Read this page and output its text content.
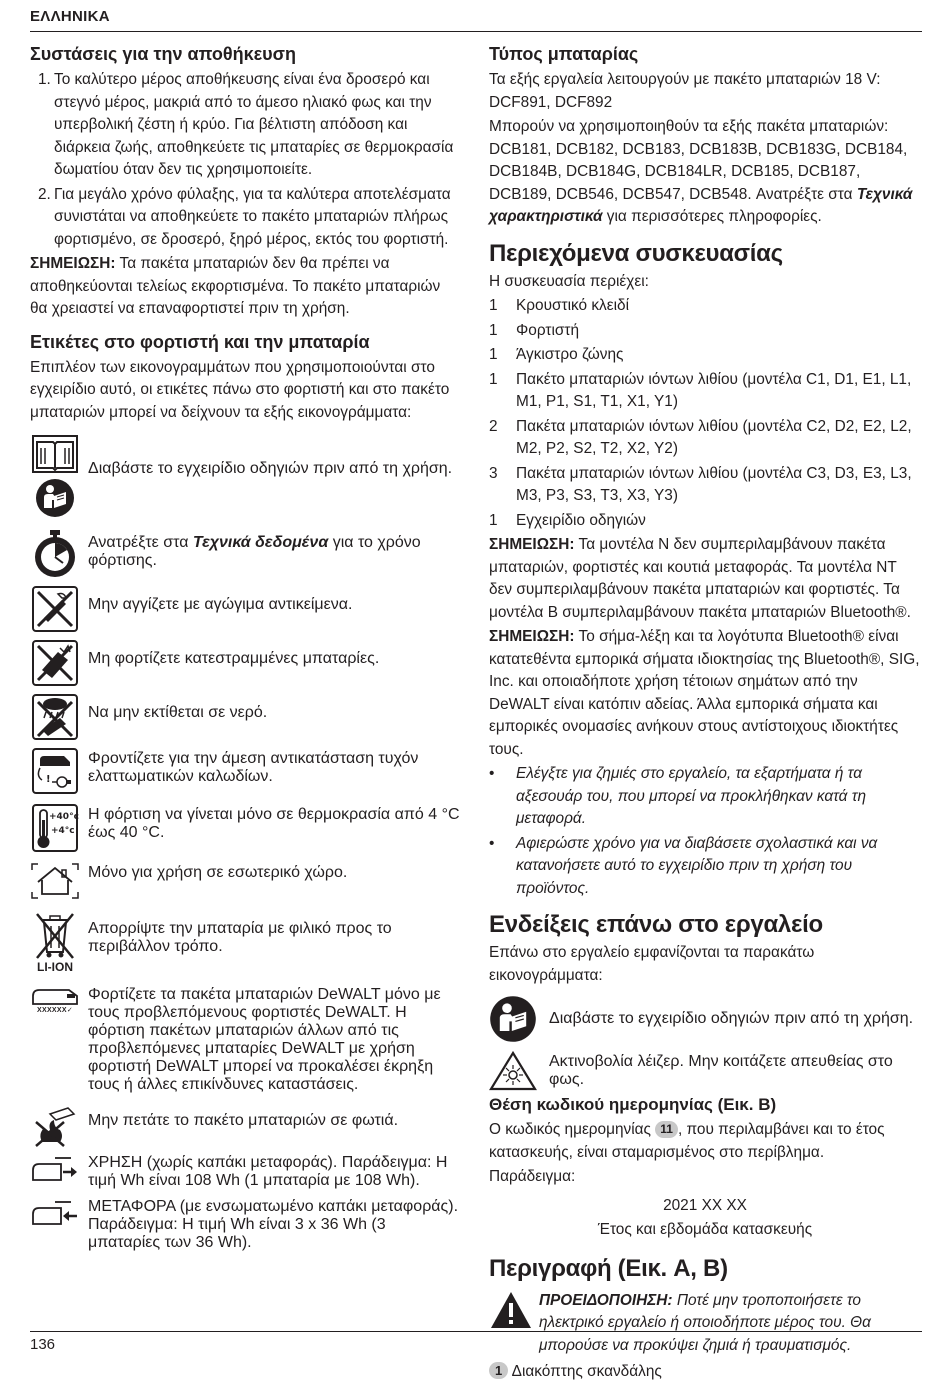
ΕΛΛΗΝΙΚΑ
Συστάσεις για την αποθήκευση
1. Το καλύτερο μέρος αποθήκευσης είναι ένα δροσερό και στεγνό μέρος, μακριά από το άμεσο ηλιακό φως και την υπερβολική ζέστη ή κρύο. Για βέλτιστη απόδοση και διάρκεια ζωής, αποθηκεύετε τις μπαταρίες σε θερμοκρασία δωματίου όταν δεν τις χρησιμοποιείτε.
2. Για μεγάλο χρόνο φύλαξης, για τα καλύτερα αποτελέσματα συνιστάται να αποθηκεύετε το πακέτο μπαταριών πλήρως φορτισμένο, σε δροσερό, ξηρό μέρος, εκτός του φορτιστή.

ΣΗΜΕΙΩΣΗ: Τα πακέτα μπαταριών δεν θα πρέπει να αποθηκεύονται τελείως εκφορτισμένα. Το πακέτο μπαταριών θα χρειαστεί να επαναφορτιστεί πριν τη χρήση.

Ετικέτες στο φορτιστή και την μπαταρία

Επιπλέον των εικονογραμμάτων που χρησιμοποιούνται στο εγχειρίδιο αυτό, οι ετικέτες πάνω στο φορτιστή και στο πακέτο μπαταριών μπορεί να δείχνουν τα εξής εικονογράμματα:

Διαβάστε το εγχειρίδιο οδηγιών πριν από τη χρήση.
Ανατρέξτε στα Τεχνικά δεδομένα για το χρόνο φόρτισης.
Μην αγγίζετε με αγώγιμα αντικείμενα.
Μη φορτίζετε κατεστραμμένες μπαταρίες.
Να μην εκτίθεται σε νερό.
!
Φροντίζετε για την άμεση αντικατάσταση τυχόν ελαττωματικών καλωδίων.
+40°c
+4°c
Η φόρτιση να γίνεται μόνο σε θερμοκρασία από 4 °C έως 40 °C.
Μόνο για χρήση σε εσωτερικό χώρο.
LI-ION
Απορρίψτε την μπαταρία με φιλικό προς το περιβάλλον τρόπο.
XXXXXX✓
Φορτίζετε τα πακέτα μπαταριών DeWALT μόνο με τους προβλεπόμενους φορτιστές DeWALT. Η φόρτιση πακέτων μπαταριών άλλων από τις προβλεπόμενες μπαταρίες DeWALT με χρήση φορτιστή DeWALT μπορεί να προκαλέσει έκρηξη τους ή άλλες επικίνδυνες καταστάσεις.
Μην πετάτε το πακέτο μπαταριών σε φωτιά.
ΧΡΗΣΗ (χωρίς καπάκι μεταφοράς). Παράδειγμα: Η τιμή Wh είναι 108 Wh (1 μπαταρία με 108 Wh).
ΜΕΤΑΦΟΡΑ (με ενσωματωμένο καπάκι μεταφοράς). Παράδειγμα: Η τιμή Wh είναι 3 x 36 Wh (3 μπαταρίες των 36 Wh).
Τύπος μπαταρίας

Τα εξής εργαλεία λειτουργούν με πακέτο μπαταριών 18 V: DCF891, DCF892

Μπορούν να χρησιμοποιηθούν τα εξής πακέτα μπαταριών: DCB181, DCB182, DCB183, DCB183B, DCB183G, DCB184, DCB184B, DCB184G, DCB184LR, DCB185, DCB187, DCB189, DCB546, DCB547, DCB548. Ανατρέξτε στα Τεχνικά χαρακτηριστικά για περισσότερες πληροφορίες.

Περιεχόμενα συσκευασίας

Η συσκευασία περιέχει:

1	Κρουστικό κλειδί
1	Φορτιστή
1	Άγκιστρο ζώνης
1	Πακέτο μπαταριών ιόντων λιθίου (μοντέλα C1, D1, E1, L1, M1, P1, S1, T1, X1, Y1)
2	Πακέτα μπαταριών ιόντων λιθίου (μοντέλα C2, D2, E2, L2, M2, P2, S2, T2, X2, Y2)
3	Πακέτα μπαταριών ιόντων λιθίου (μοντέλα C3, D3, E3, L3, M3, P3, S3, T3, X3, Y3)
1	Εγχειρίδιο οδηγιών

ΣΗΜΕΙΩΣΗ: Τα μοντέλα N δεν συμπεριλαμβάνουν πακέτα μπαταριών, φορτιστές και κουτιά μεταφοράς. Τα μοντέλα NT δεν συμπεριλαμβάνουν πακέτα μπαταριών και φορτιστές. Τα μοντέλα B συμπεριλαμβάνουν πακέτα μπαταριών Bluetooth®.

ΣΗΜΕΙΩΣΗ: Το σήμα-λέξη και τα λογότυπα Bluetooth® είναι κατατεθέντα εμπορικά σήματα ιδιοκτησίας της Bluetooth®, SIG, Inc. και οποιαδήποτε χρήση τέτοιων σημάτων από την DeWALT είναι κατόπιν αδείας. Άλλα εμπορικά σήματα και εμπορικές ονομασίες ανήκουν στους αντίστοιχους ιδιοκτήτες τους.

• Ελέγξτε για ζημιές στο εργαλείο, τα εξαρτήματα ή τα αξεσουάρ του, που μπορεί να προκλήθηκαν κατά τη μεταφορά.
• Αφιερώστε χρόνο για να διαβάσετε σχολαστικά και να κατανοήσετε αυτό το εγχειρίδιο πριν τη χρήση του προϊόντος.
Ενδείξεις επάνω στο εργαλείο

Επάνω στο εργαλείο εμφανίζονται τα παρακάτω εικονογράμματα:

Διαβάστε το εγχειρίδιο οδηγιών πριν από τη χρήση.
Ακτινοβολία λέιζερ. Μην κοιτάζετε απευθείας στο φως.
Θέση κωδικού ημερομηνίας (Εικ. B)

Ο κωδικός ημερομηνίας 11 , που περιλαμβάνει και το έτος κατασκευής, είναι σταμαρισμένος στο περίβλημα.

Παράδειγμα:

2021 XX XX

Έτος και εβδομάδα κατασκευής

Περιγραφή (Εικ. A, B)

ΠΡΟΕΙΔΟΠΟΙΗΣΗ: Ποτέ μην τροποποιήσετε το ηλεκτρικό εργαλείο ή οποιοδήποτε μέρος του. Θα μπορούσε να προκύψει ζημιά ή τραυματισμός.

1 Διακόπτης σκανδάλης

136
